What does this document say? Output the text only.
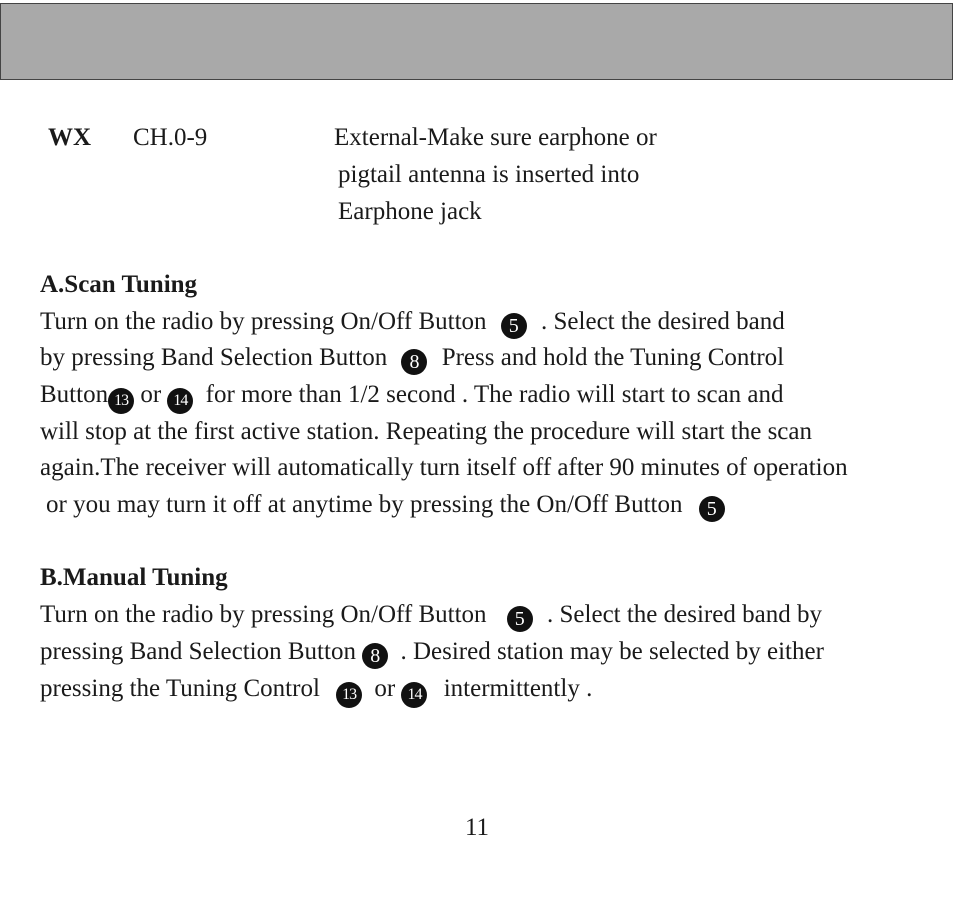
WX CH.0-9	External-Make sure earphone or
pigtail antenna is inserted into
Earphone jack
A.Scan Tuning
Turn on the radio by pressing On/Off Button 5 . Select the desired band
by pressing Band Selection Button 8 Press and hold the Tuning Control
Button 13 or 14 for more than 1/2 second . The radio will start to scan and
will stop at the first active station. Repeating the procedure will start the scan
again.The receiver will automatically turn itself off after 90 minutes of operation
or you may turn it off at anytime by pressing the On/Off Button 5
B.Manual Tuning
Turn on the radio by pressing On/Off Button 5 . Select the desired band by
pressing Band Selection Button 8 . Desired station may be selected by either
pressing the Tuning Control 13 or 14 intermittently .
11
